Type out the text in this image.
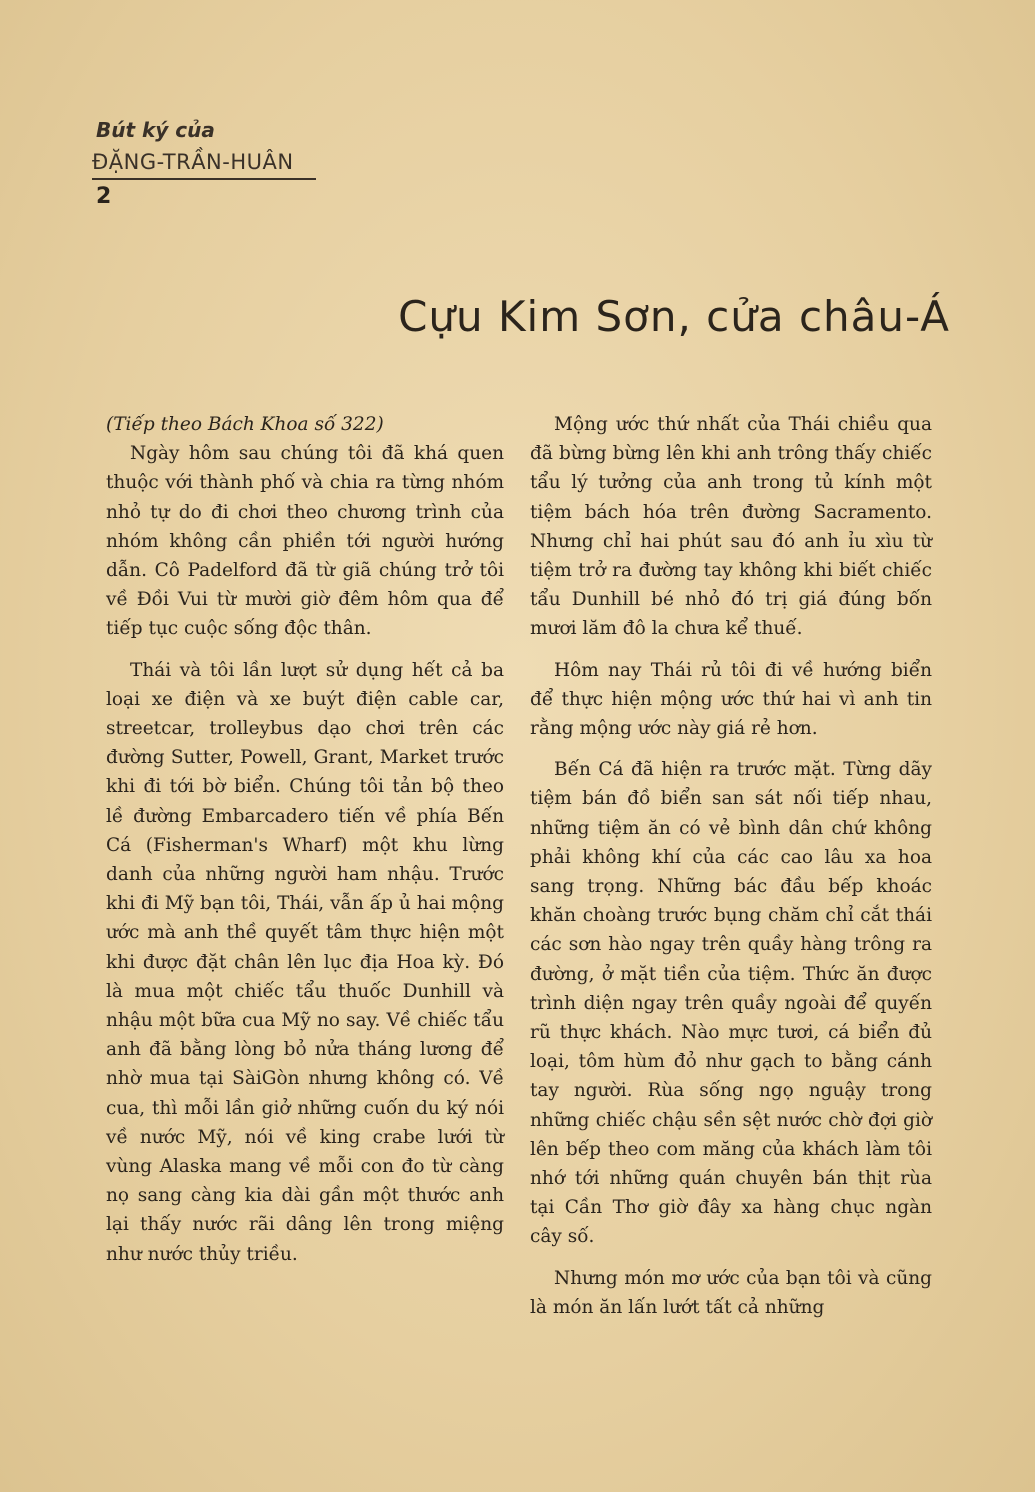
Bút ký của
ĐẶNG-TRẦN-HUÂN
2
Cựu Kim Sơn, cửa châu-Á

(Tiếp theo Bách Khoa số 322)

Ngày hôm sau chúng tôi đã khá quen thuộc với thành phố và chia ra từng nhóm nhỏ tự do đi chơi theo chương trình của nhóm không cần phiền tới người hướng dẫn. Cô Padelford đã từ giã chúng trở tôi về Đồi Vui từ mười giờ đêm hôm qua để tiếp tục cuộc sống độc thân.

Thái và tôi lần lượt sử dụng hết cả ba loại xe điện và xe buýt điện cable car, streetcar, trolleybus dạo chơi trên các đường Sutter, Powell, Grant, Market trước khi đi tới bờ biển. Chúng tôi tản bộ theo lề đường Embarcadero tiến về phía Bến Cá (Fisherman's Wharf) một khu lừng danh của những người ham nhậu. Trước khi đi Mỹ bạn tôi, Thái, vẫn ấp ủ hai mộng ước mà anh thề quyết tâm thực hiện một khi được đặt chân lên lục địa Hoa kỳ. Đó là mua một chiếc tẩu thuốc Dunhill và nhậu một bữa cua Mỹ no say. Về chiếc tẩu anh đã bằng lòng bỏ nửa tháng lương để nhờ mua tại SàiGòn nhưng không có. Về cua, thì mỗi lần giở những cuốn du ký nói về nước Mỹ, nói về king crabe lưới từ vùng Alaska mang về mỗi con đo từ càng nọ sang càng kia dài gần một thước anh lại thấy nước rãi dâng lên trong miệng như nước thủy triều.

Mộng ước thứ nhất của Thái chiều qua đã bừng bừng lên khi anh trông thấy chiếc tẩu lý tưởng của anh trong tủ kính một tiệm bách hóa trên đường Sacramento. Nhưng chỉ hai phút sau đó anh ỉu xìu từ tiệm trở ra đường tay không khi biết chiếc tẩu Dunhill bé nhỏ đó trị giá đúng bốn mươi lăm đô la chưa kể thuế.

Hôm nay Thái rủ tôi đi về hướng biển để thực hiện mộng ước thứ hai vì anh tin rằng mộng ước này giá rẻ hơn.

Bến Cá đã hiện ra trước mặt. Từng dãy tiệm bán đồ biển san sát nối tiếp nhau, những tiệm ăn có vẻ bình dân chứ không phải không khí của các cao lâu xa hoa sang trọng. Những bác đầu bếp khoác khăn choàng trước bụng chăm chỉ cắt thái các sơn hào ngay trên quầy hàng trông ra đường, ở mặt tiền của tiệm. Thức ăn được trình diện ngay trên quầy ngoài để quyến rũ thực khách. Nào mực tươi, cá biển đủ loại, tôm hùm đỏ như gạch to bằng cánh tay người. Rùa sống ngọ nguậy trong những chiếc chậu sền sệt nước chờ đợi giờ lên bếp theo com măng của khách làm tôi nhớ tới những quán chuyên bán thịt rùa tại Cần Thơ giờ đây xa hàng chục ngàn cây số.

Nhưng món mơ ước của bạn tôi và cũng là món ăn lấn lướt tất cả những
